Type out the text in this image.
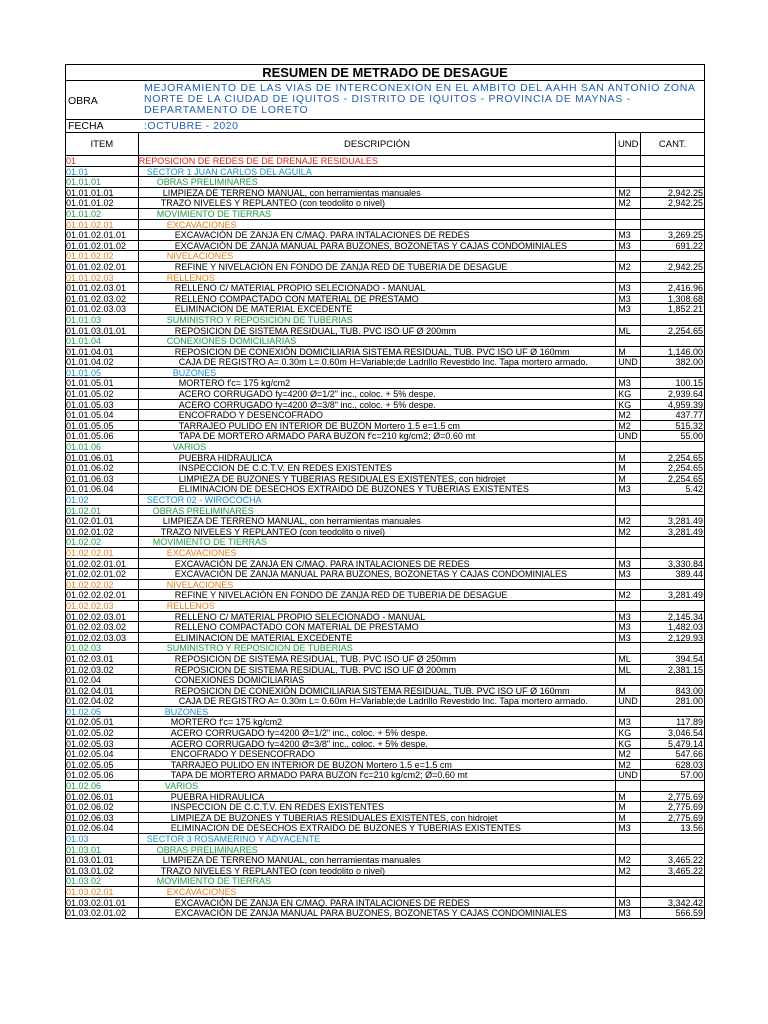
RESUMEN DE METRADO DE DESAGUE
OBRA
MEJORAMIENTO DE LAS VIAS DE INTERCONEXION EN EL AMBITO DEL AAHH SAN ANTONIO ZONA NORTE DE LA CIUDAD DE IQUITOS - DISTRITO DE IQUITOS - PROVINCIA DE MAYNAS - DEPARTAMENTO DE LORETO
FECHA	:OCTUBRE - 2020
ITEM	DESCRIPCIÓN	UND	CANT.
01	REPOSICION DE REDES DE DE DRENAJE RESIDUALES
01.01	SECTOR 1 JUAN CARLOS DEL AGUILA
01.01.01	OBRAS PRELIMINARES
01.01.01.01	LIMPIEZA DE TERRENO MANUAL, con herramientas manuales	M2	2,942.25
01.01.01.02	TRAZO NIVELES Y REPLANTEO (con teodolito o nivel)	M2	2,942.25
01.01.02	MOVIMIENTO DE TIERRAS
01.01.02.01	EXCAVACIONES
01.01.02.01.01	EXCAVACIÓN DE ZANJA EN C/MAQ. PARA INTALACIONES DE REDES	M3	3,269.25
01.01.02.01.02	EXCAVACIÓN DE ZANJA MANUAL PARA BUZONES, BOZONETAS Y CAJAS CONDOMINIALES	M3	691.22
01.01.02.02	NIVELACIONES
01.01.02.02.01	REFINE Y NIVELACIÓN EN FONDO DE ZANJA RED DE TUBERIA DE DESAGUE	M2	2,942.25
01.01.02.03	RELLENOS
01.01.02.03.01	RELLENO C/ MATERIAL PROPIO SELECIONADO - MANUAL	M3	2,416.96
01.01.02.03.02	RELLENO COMPACTADO CON MATERIAL DE PRESTAMO	M3	1,308.68
01.01.02.03.03	ELIMINACION DE MATERIAL EXCEDENTE	M3	1,852.21
01.01.03	SUMINISTRO Y REPOSICION DE TUBERIAS
01.01.03.01.01	REPOSICION DE SISTEMA RESIDUAL, TUB. PVC ISO UF Ø 200mm	ML	2,254.65
01.01.04	CONEXIONES DOMICILIARIAS
01.01.04.01	REPOSICION DE CONEXIÓN DOMICILIARIA SISTEMA RESIDUAL, TUB. PVC ISO UF Ø 160mm	M	1,146.00
01.01.04.02	CAJA DE REGISTRO A= 0.30m L= 0.60m H=Variable;de Ladrillo Revestido Inc. Tapa mortero armado.	UND	382.00
01.01.05	BUZONES
01.01.05.01	MORTERO f'c= 175 kg/cm2	M3	100.15
01.01.05.02	ACERO CORRUGADO fy=4200 Ø=1/2" inc., coloc. + 5% despe.	KG	2,939.64
01.01.05.03	ACERO CORRUGADO fy=4200 Ø=3/8" inc., coloc. + 5% despe.	KG	4,959.39
01.01.05.04	ENCOFRADO Y DESENCOFRADO	M2	437.77
01.01.05.05	TARRAJEO PULIDO EN INTERIOR DE BUZON Mortero 1.5 e=1.5 cm	M2	515.32
01.01.05.06	TAPA DE MORTERO ARMADO PARA BUZON f'c=210 kg/cm2; Ø=0.60 mt	UND	55.00
01.01.06	VARIOS
01.01.06.01	PUEBRA HIDRAULICA	M	2,254.65
01.01.06.02	INSPECCION DE C.C.T.V. EN REDES EXISTENTES	M	2,254.65
01.01.06.03	LIMPIEZA DE BUZONES Y TUBERIAS RESIDUALES EXISTENTES, con hidrojet	M	2,254.65
01.01.06.04	ELIMINACION DE DESECHOS EXTRAIDO DE BUZONES Y TUBERIAS EXISTENTES	M3	5.42
01.02	SECTOR 02 - WIROCOCHA
01.02.01	OBRAS PRELIMINARES
01.02.01.01	LIMPIEZA DE TERRENO MANUAL, con herramientas manuales	M2	3,281.49
01.02.01.02	TRAZO NIVELES Y REPLANTEO (con teodolito o nivel)	M2	3,281.49
01.02.02	MOVIMIENTO DE TIERRAS
01.02.02.01	EXCAVACIONES
01.02.02.01.01	EXCAVACIÓN DE ZANJA EN C/MAQ. PARA INTALACIONES DE REDES	M3	3,330.84
01.02.02.01.02	EXCAVACIÓN DE ZANJA MANUAL PARA BUZONES, BOZONETAS Y CAJAS CONDOMINIALES	M3	389.44
01.02.02.02	NIVELACIONES
01.02.02.02.01	REFINE Y NIVELACIÓN EN FONDO DE ZANJA RED DE TUBERIA DE DESAGUE	M2	3,281.49
01.02.02.03	RELLENOS
01.02.02.03.01	RELLENO C/ MATERIAL PROPIO SELECIONADO - MANUAL	M3	2,145.34
01.02.02.03.02	RELLENO COMPACTADO CON MATERIAL DE PRESTAMO	M3	1,482.03
01.02.02.03.03	ELIMINACION DE MATERIAL EXCEDENTE	M3	2,129.93
01.02.03	SUMINISTRO Y REPOSICION DE TUBERIAS
01.02.03.01	REPOSICION DE SISTEMA RESIDUAL, TUB. PVC ISO UF Ø 250mm	ML	394.54
01.02.03.02	REPOSICION DE SISTEMA RESIDUAL, TUB. PVC ISO UF Ø 200mm	ML	2,381.15
01.02.04	CONEXIONES DOMICILIARIAS
01.02.04.01	REPOSICION DE CONEXIÓN DOMICILIARIA SISTEMA RESIDUAL, TUB. PVC ISO UF Ø 160mm	M	843.00
01.02.04.02	CAJA DE REGISTRO A= 0.30m L= 0.60m H=Variable;de Ladrillo Revestido Inc. Tapa mortero armado.	UND	281.00
01.02.05	BUZONES
01.02.05.01	MORTERO f'c= 175 kg/cm2	M3	117.89
01.02.05.02	ACERO CORRUGADO fy=4200 Ø=1/2" inc., coloc. + 5% despe.	KG	3,046.54
01.02.05.03	ACERO CORRUGADO fy=4200 Ø=3/8" inc., coloc. + 5% despe.	KG	5,479.14
01.02.05.04	ENCOFRADO Y DESENCOFRADO	M2	547.66
01.02.05.05	TARRAJEO PULIDO EN INTERIOR DE BUZON Mortero 1.5 e=1.5 cm	M2	628.03
01.02.05.06	TAPA DE MORTERO ARMADO PARA BUZON f'c=210 kg/cm2; Ø=0.60 mt	UND	57.00
01.02.06	VARIOS
01.02.06.01	PUEBRA HIDRAULICA	M	2,775.69
01.02.06.02	INSPECCION DE C.C.T.V. EN REDES EXISTENTES	M	2,775.69
01.02.06.03	LIMPIEZA DE BUZONES Y TUBERIAS RESIDUALES EXISTENTES, con hidrojet	M	2,775.69
01.02.06.04	ELIMINACION DE DESECHOS EXTRAIDO DE BUZONES Y TUBERIAS EXISTENTES	M3	13.56
01.03	SECTOR 3 ROSAMERINO Y ADYACENTE
01.03.01	OBRAS PRELIMINARES
01.03.01.01	LIMPIEZA DE TERRENO MANUAL, con herramientas manuales	M2	3,465.22
01.03.01.02	TRAZO NIVELES Y REPLANTEO (con teodolito o nivel)	M2	3,465.22
01.03.02	MOVIMIENTO DE TIERRAS
01.03.02.01	EXCAVACIONES
01.03.02.01.01	EXCAVACIÓN DE ZANJA EN C/MAQ. PARA INTALACIONES DE REDES	M3	3,342.42
01.03.02.01.02	EXCAVACIÓN DE ZANJA MANUAL PARA BUZONES, BOZONETAS Y CAJAS CONDOMINIALES	M3	566.59
